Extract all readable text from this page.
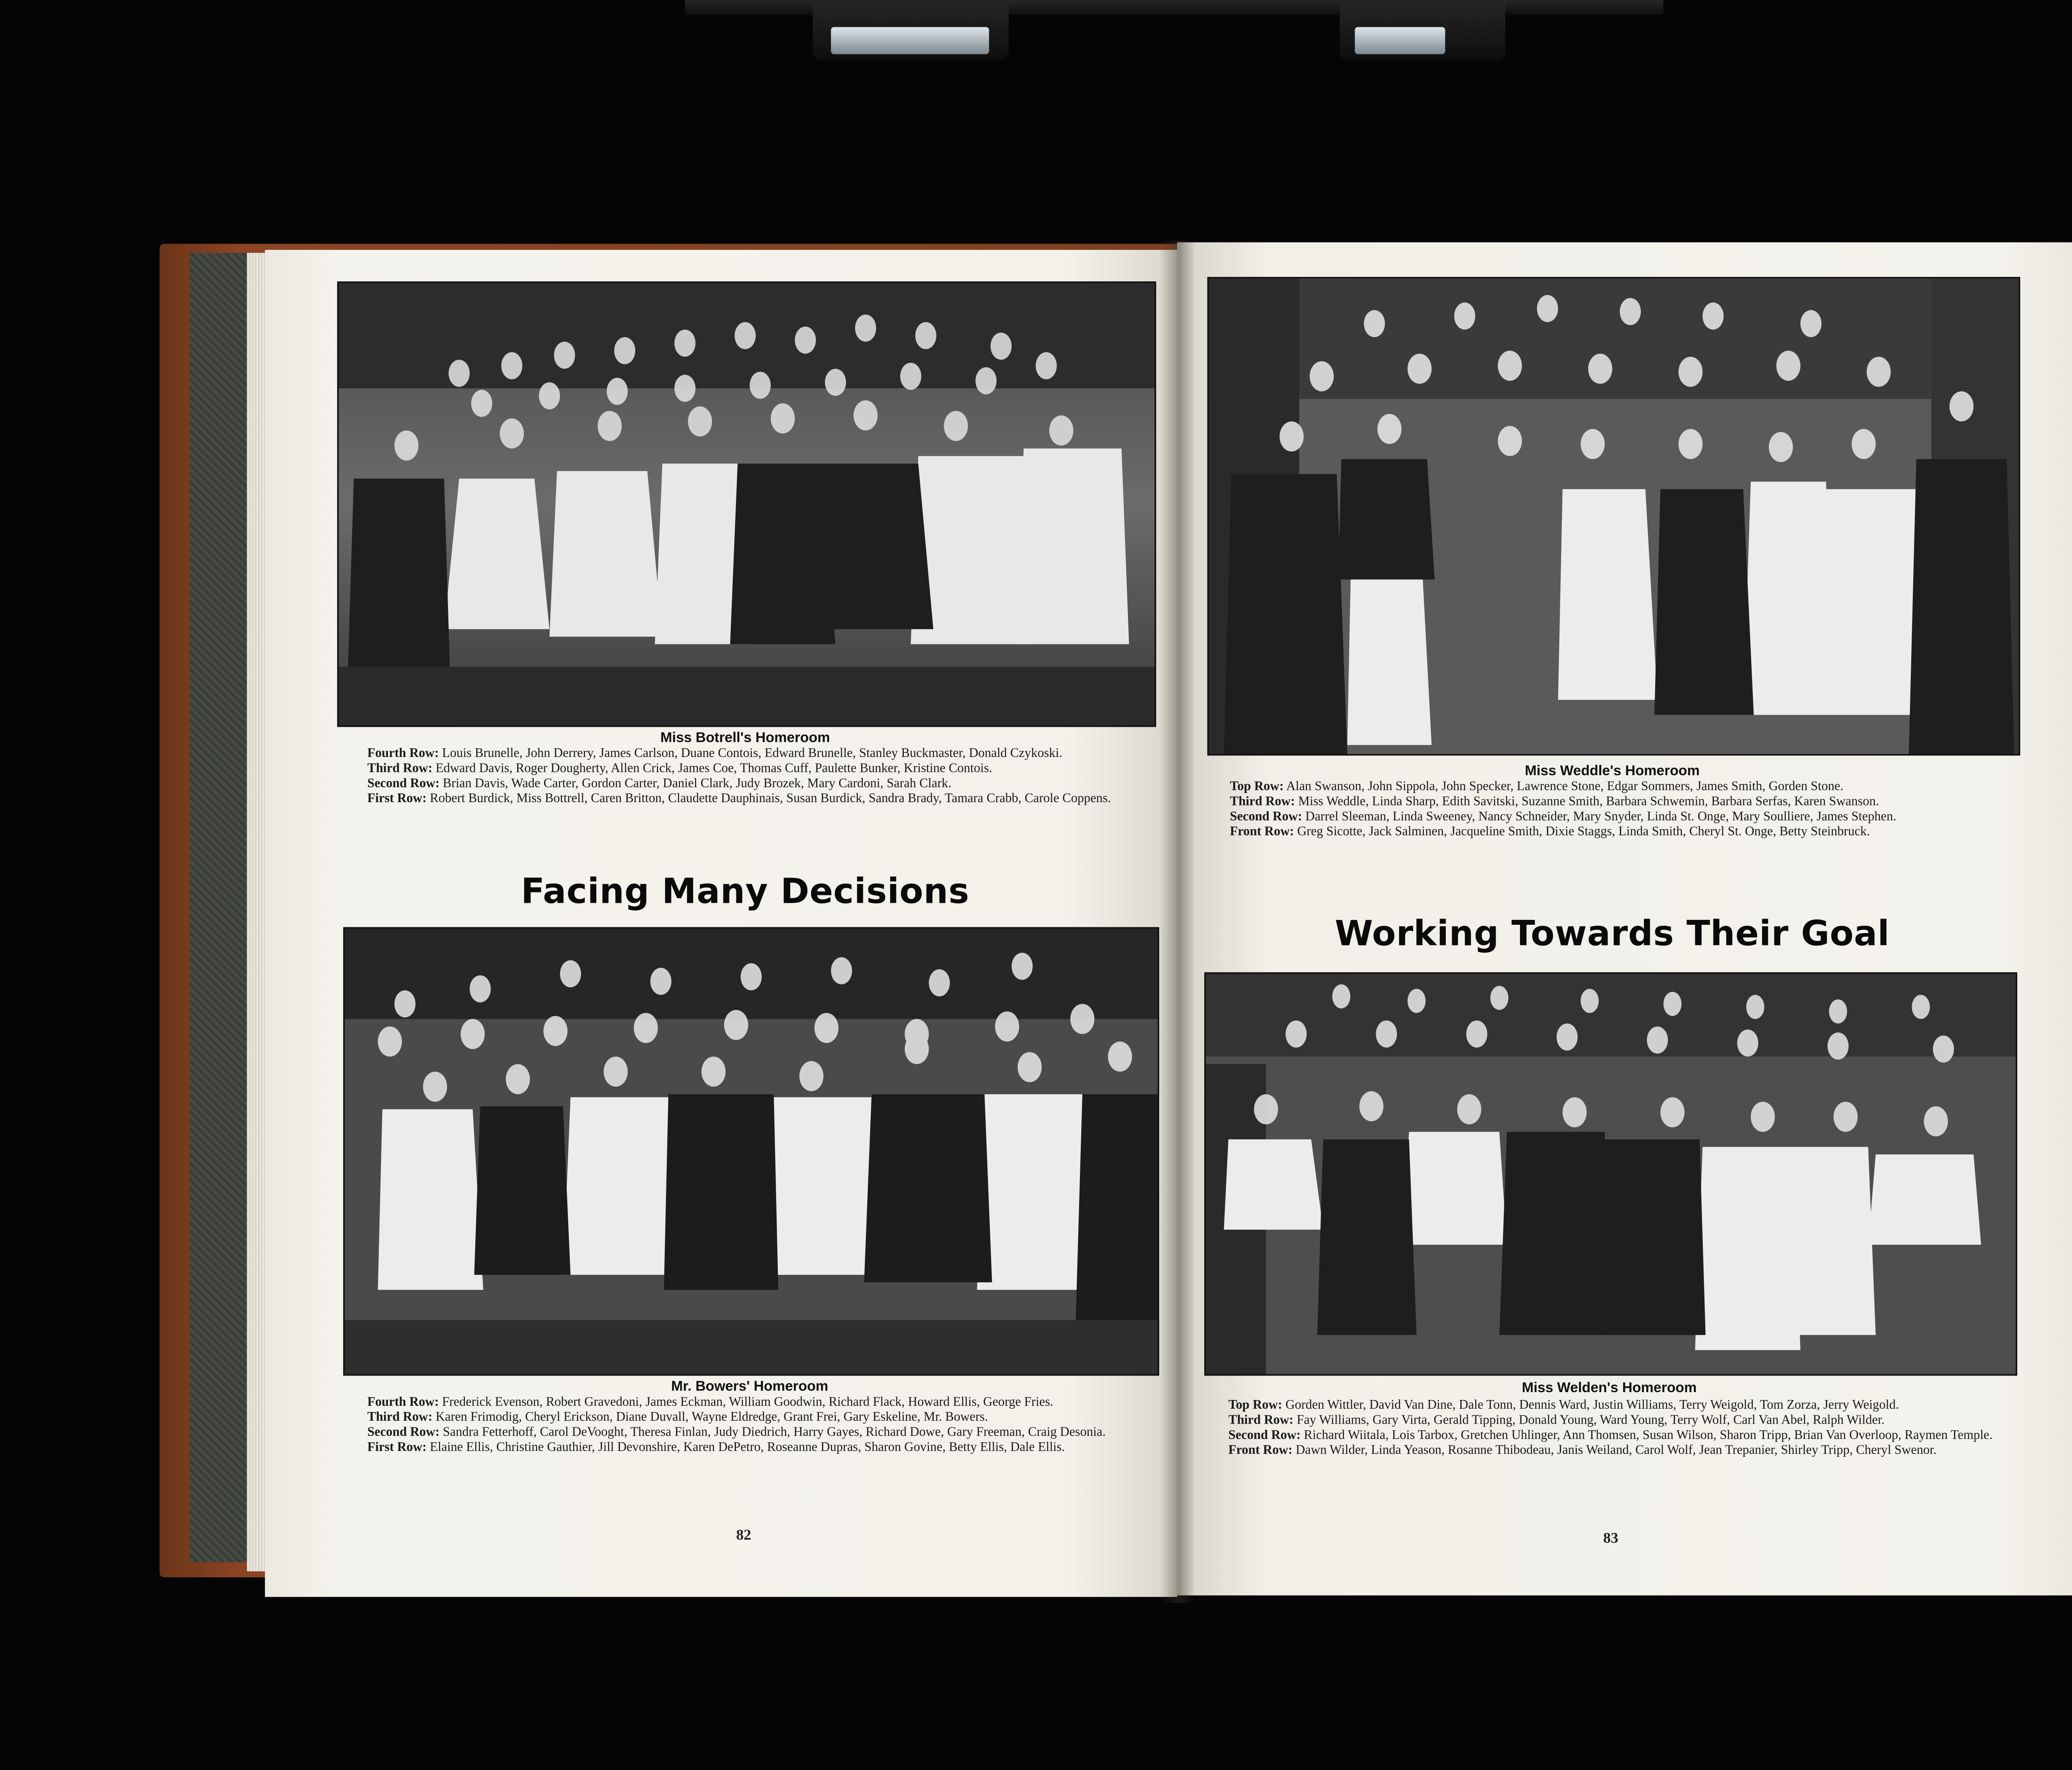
Miss Botrell's Homeroom

Fourth Row: Louis Brunelle, John Derrery, James Carlson, Duane Contois, Edward Brunelle, Stanley Buckmaster, Donald Czykoski.

Third Row: Edward Davis, Roger Dougherty, Allen Crick, James Coe, Thomas Cuff, Paulette Bunker, Kristine Contois.

Second Row: Brian Davis, Wade Carter, Gordon Carter, Daniel Clark, Judy Brozek, Mary Cardoni, Sarah Clark.

First Row: Robert Burdick, Miss Bottrell, Caren Britton, Claudette Dauphinais, Susan Burdick, Sandra Brady, Tamara Crabb, Carole Coppens.

Facing Many Decisions
Mr. Bowers' Homeroom

Fourth Row: Frederick Evenson, Robert Gravedoni, James Eckman, William Goodwin, Richard Flack, Howard Ellis, George Fries.

Third Row: Karen Frimodig, Cheryl Erickson, Diane Duvall, Wayne Eldredge, Grant Frei, Gary Eskeline, Mr. Bowers.

Second Row: Sandra Fetterhoff, Carol DeVooght, Theresa Finlan, Judy Diedrich, Harry Gayes, Richard Dowe, Gary Freeman, Craig Desonia.

First Row: Elaine Ellis, Christine Gauthier, Jill Devonshire, Karen DePetro, Roseanne Dupras, Sharon Govine, Betty Ellis, Dale Ellis.

82
Miss Weddle's Homeroom

Top Row: Alan Swanson, John Sippola, John Specker, Lawrence Stone, Edgar Sommers, James Smith, Gorden Stone.

Third Row: Miss Weddle, Linda Sharp, Edith Savitski, Suzanne Smith, Barbara Schwemin, Barbara Serfas, Karen Swanson.

Second Row: Darrel Sleeman, Linda Sweeney, Nancy Schneider, Mary Snyder, Linda St. Onge, Mary Soulliere, James Stephen.

Front Row: Greg Sicotte, Jack Salminen, Jacqueline Smith, Dixie Staggs, Linda Smith, Cheryl St. Onge, Betty Steinbruck.

Working Towards Their Goal
Miss Welden's Homeroom

Top Row: Gorden Wittler, David Van Dine, Dale Tonn, Dennis Ward, Justin Williams, Terry Weigold, Tom Zorza, Jerry Weigold.

Third Row: Fay Williams, Gary Virta, Gerald Tipping, Donald Young, Ward Young, Terry Wolf, Carl Van Abel, Ralph Wilder.

Second Row: Richard Wiitala, Lois Tarbox, Gretchen Uhlinger, Ann Thomsen, Susan Wilson, Sharon Tripp, Brian Van Overloop, Raymen Temple.

Front Row: Dawn Wilder, Linda Yeason, Rosanne Thibodeau, Janis Weiland, Carol Wolf, Jean Trepanier, Shirley Tripp, Cheryl Swenor.

83
